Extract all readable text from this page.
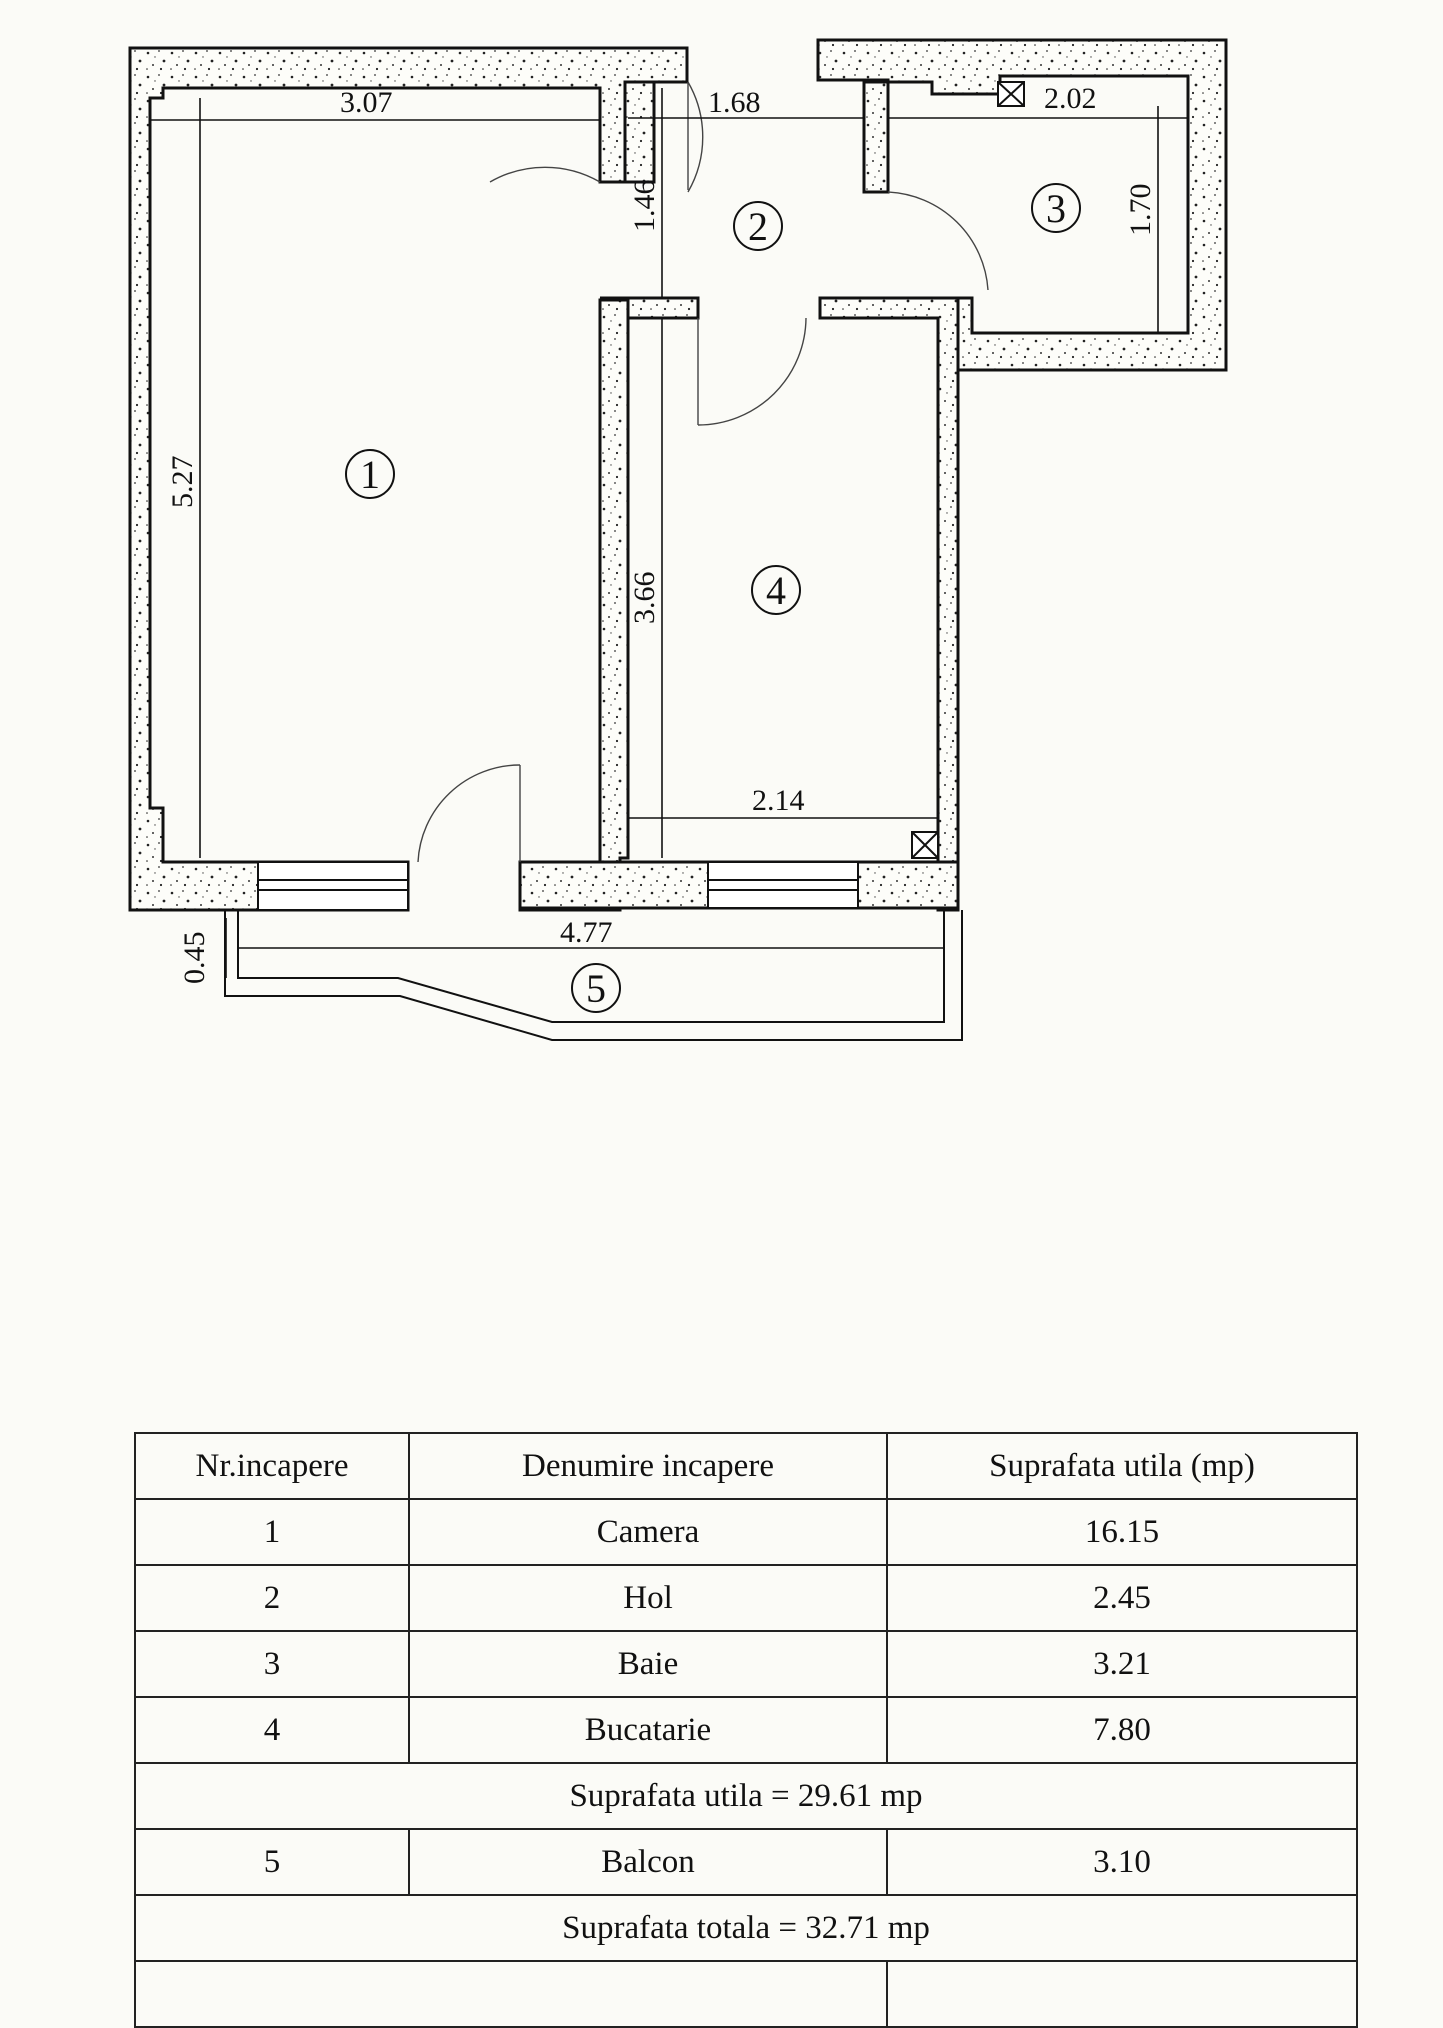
3.07	1.68	2.02
1.46	1.70
5.27
3.66
2.14
4.77
0.45
1
2	3
4
5
Nr.incapere	Denumire incapere	Suprafata utila (mp)
1	Camera	16.15
2	Hol	2.45
3	Baie	3.21
4	Bucatarie	7.80
Suprafata utila = 29.61 mp		
5	Balcon	3.10
Suprafata totala = 32.71 mp		
